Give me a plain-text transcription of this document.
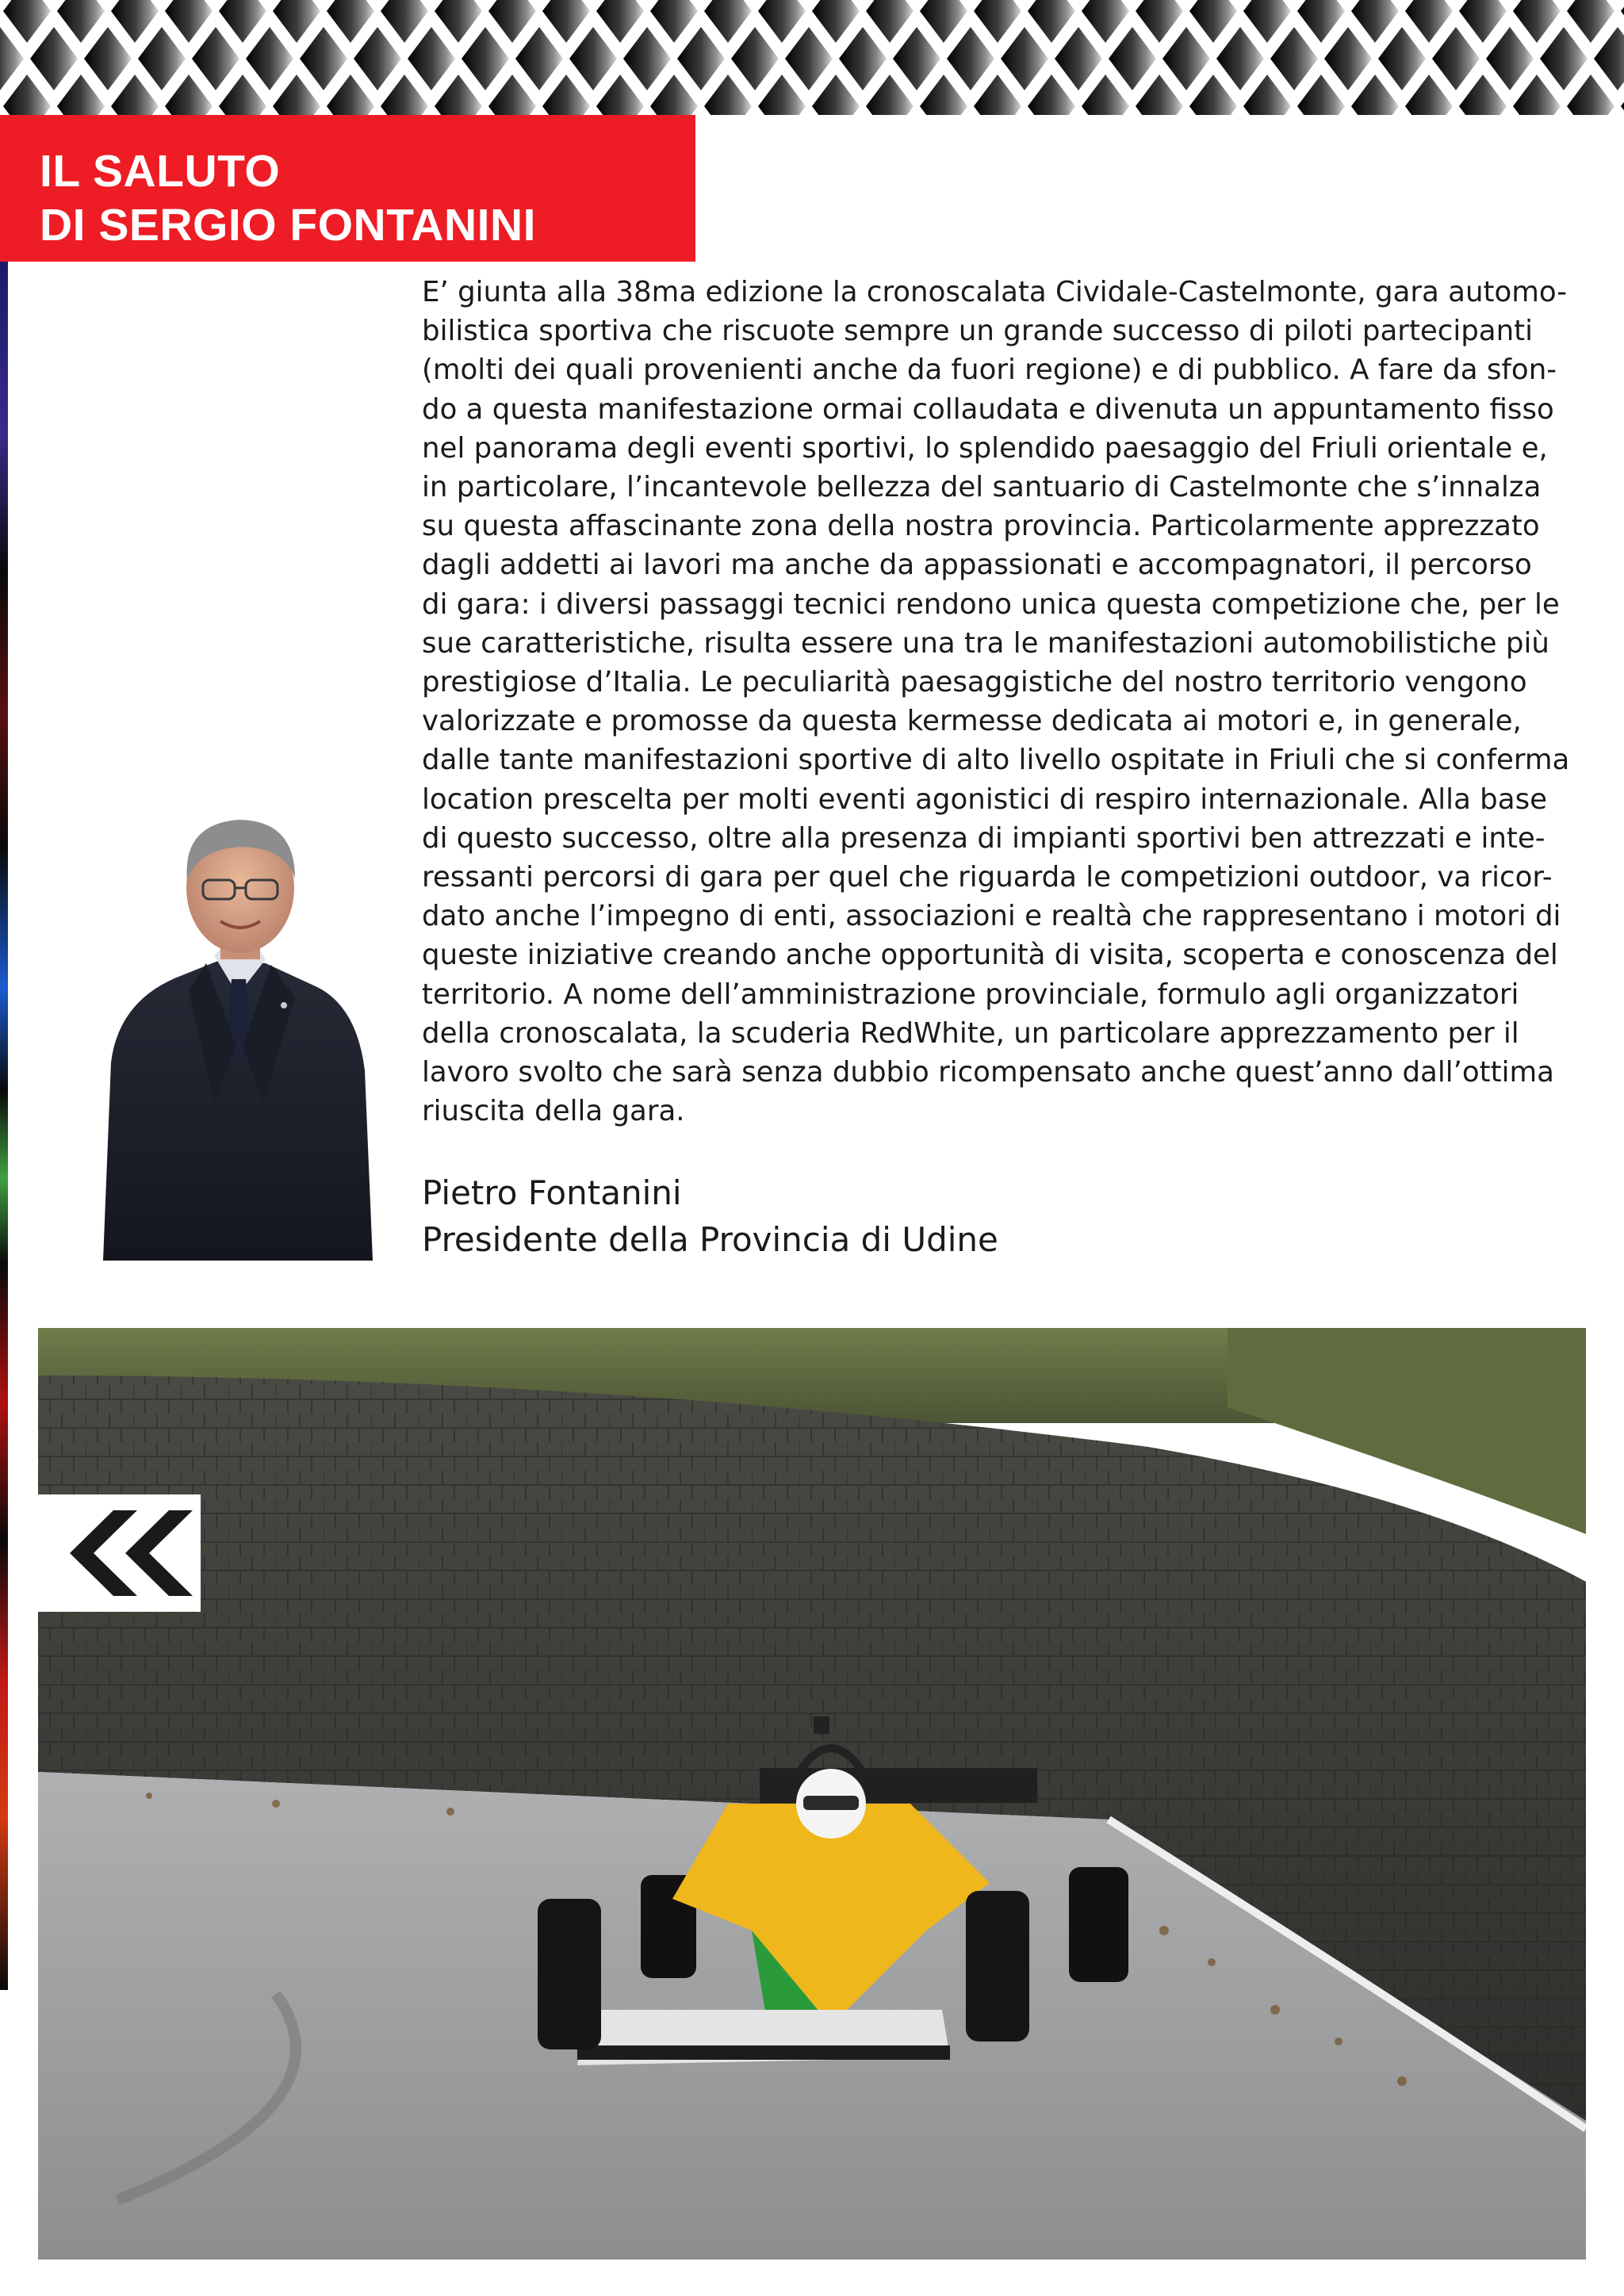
IL SALUTO
DI SERGIO FONTANINI
E’ giunta alla 38ma edizione la cronoscalata Cividale-Castelmonte, gara automo-
bilistica sportiva che riscuote sempre un grande successo di piloti partecipanti
(molti dei quali provenienti anche da fuori regione) e di pubblico. A fare da sfon-
do a questa manifestazione ormai collaudata e divenuta un appuntamento fisso
nel panorama degli eventi sportivi, lo splendido paesaggio del Friuli orientale e,
in particolare, l’incantevole bellezza del santuario di Castelmonte che s’innalza
su questa affascinante zona della nostra provincia. Particolarmente apprezzato
dagli addetti ai lavori ma anche da appassionati e accompagnatori, il percorso
di gara: i diversi passaggi tecnici rendono unica questa competizione che, per le
sue caratteristiche, risulta essere una tra le manifestazioni automobilistiche più
prestigiose d’Italia. Le peculiarità paesaggistiche del nostro territorio vengono
valorizzate e promosse da questa kermesse dedicata ai motori e, in generale,
dalle tante manifestazioni sportive di alto livello ospitate in Friuli che si conferma
location prescelta per molti eventi agonistici di respiro internazionale. Alla base
di questo successo, oltre alla presenza di impianti sportivi ben attrezzati e inte-
ressanti percorsi di gara per quel che riguarda le competizioni outdoor, va ricor-
dato anche l’impegno di enti, associazioni e realtà che rappresentano i motori di
queste iniziative creando anche opportunità di visita, scoperta e conoscenza del
territorio. A nome dell’amministrazione provinciale, formulo agli organizzatori
della cronoscalata, la scuderia RedWhite, un particolare apprezzamento per il
lavoro svolto che sarà senza dubbio ricompensato anche quest’anno dall’ottima
riuscita della gara.
Pietro Fontanini
Presidente della Provincia di Udine
